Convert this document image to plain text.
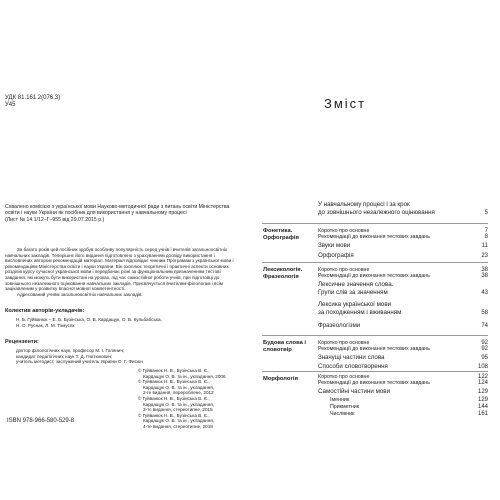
УДК 81.161.2(076.3)
У45

Схвалено комісією з української мови Науково-методичної ради з питань освіти Міністерства освіти і науки України як посібник для використання у навчальному процесі

(Лист № 14.1/12–Г–955 від 29.07.2015 р.)

За багато років цей посібник здобув особливу популярність серед учнів і вчителів загальноосвітніх навчальних закладів. Теперішнє його видання підготовлено з урахуванням досвіду використання і висловлених автором рекомендацій матеріал. Матеріал відповідає чинним Програмам з української мови і рекомендаціям Міністерства освіти і науки України. Він охоплює теоретичні і практичні аспекти основних розділів курсу сучасної української мови і передбачає різні за функціональним призначенням тестові завдання, які можуть бути використані на уроках, під час самостійної роботи учнів, при підготовці до зовнішнього незалежного оцінювання навчальних закладів. Присвячується вчителям-філологам і всім зацікавленим у розвитку власної мовної компетентності.

Адресований учням загальноосвітніх навчальних закладів.

Колектив авторів-укладачів:
Н. Б. Гуйванюк – Е. Б. Бузінська, О. В. Кардащук, О. В. Кульбабська,
Н. О. Руснак, Л. М. Томусяк
Рецензенти:
доктор філологічних наук, професор М. І. Голянич;
кандидат педагогічних наук Т. Д. Гнатюкович;
учитель методист, заслужений учитель України О. Г. Фисюн
© Гуйванюк Н. В., Бузінська В. Є.,
Кардащук О. В. та ін., укладання, 2006
© Гуйванюк Н. В., Бузінська В. Є.,
Кардащук О. В. та ін., укладання,
2-ге видання, перероблене, 2012
© Гуйванюк Н. В., Бузінська В. Є.,
Кардащук О. В. та ін., укладання,
3-тє видання, стереотипне, 2015
© Гуйванюк Н. В., Бузінська В. Є.,
Кардащук О. В. та ін., укладання,
4-те видання, стереотипне, 2018
ISBN 978-966-580-529-8
Зміст
У навчальному процесі і за крок
до зовнішнього незалежного оцінювання	5
Фонетика.
Орфографія
Коротко про основне	7
Рекомендації до виконання тестових завдань	8
Звуки мови	11
Орфографія	23
Лексикологія.
Фразеологія
Коротко про основне	38
Рекомендації до виконання тестових завдань	38
Лексичне значення слова.
Групи слів за значенням	43
Лексика української мови
за походженням і вживанням	58
Фразеологізми	74
Будова слова і
словотвір
Коротко про основне	92
Рекомендації до виконання тестових завдань	92
Значущі частини слова	95
Способи словотворення	108
Морфологія	Коротко про основне	122
Рекомендації до виконання тестових завдань	124
Самостійні частини мови	129
Іменник	129
Прикметник	144
Числівник	161
